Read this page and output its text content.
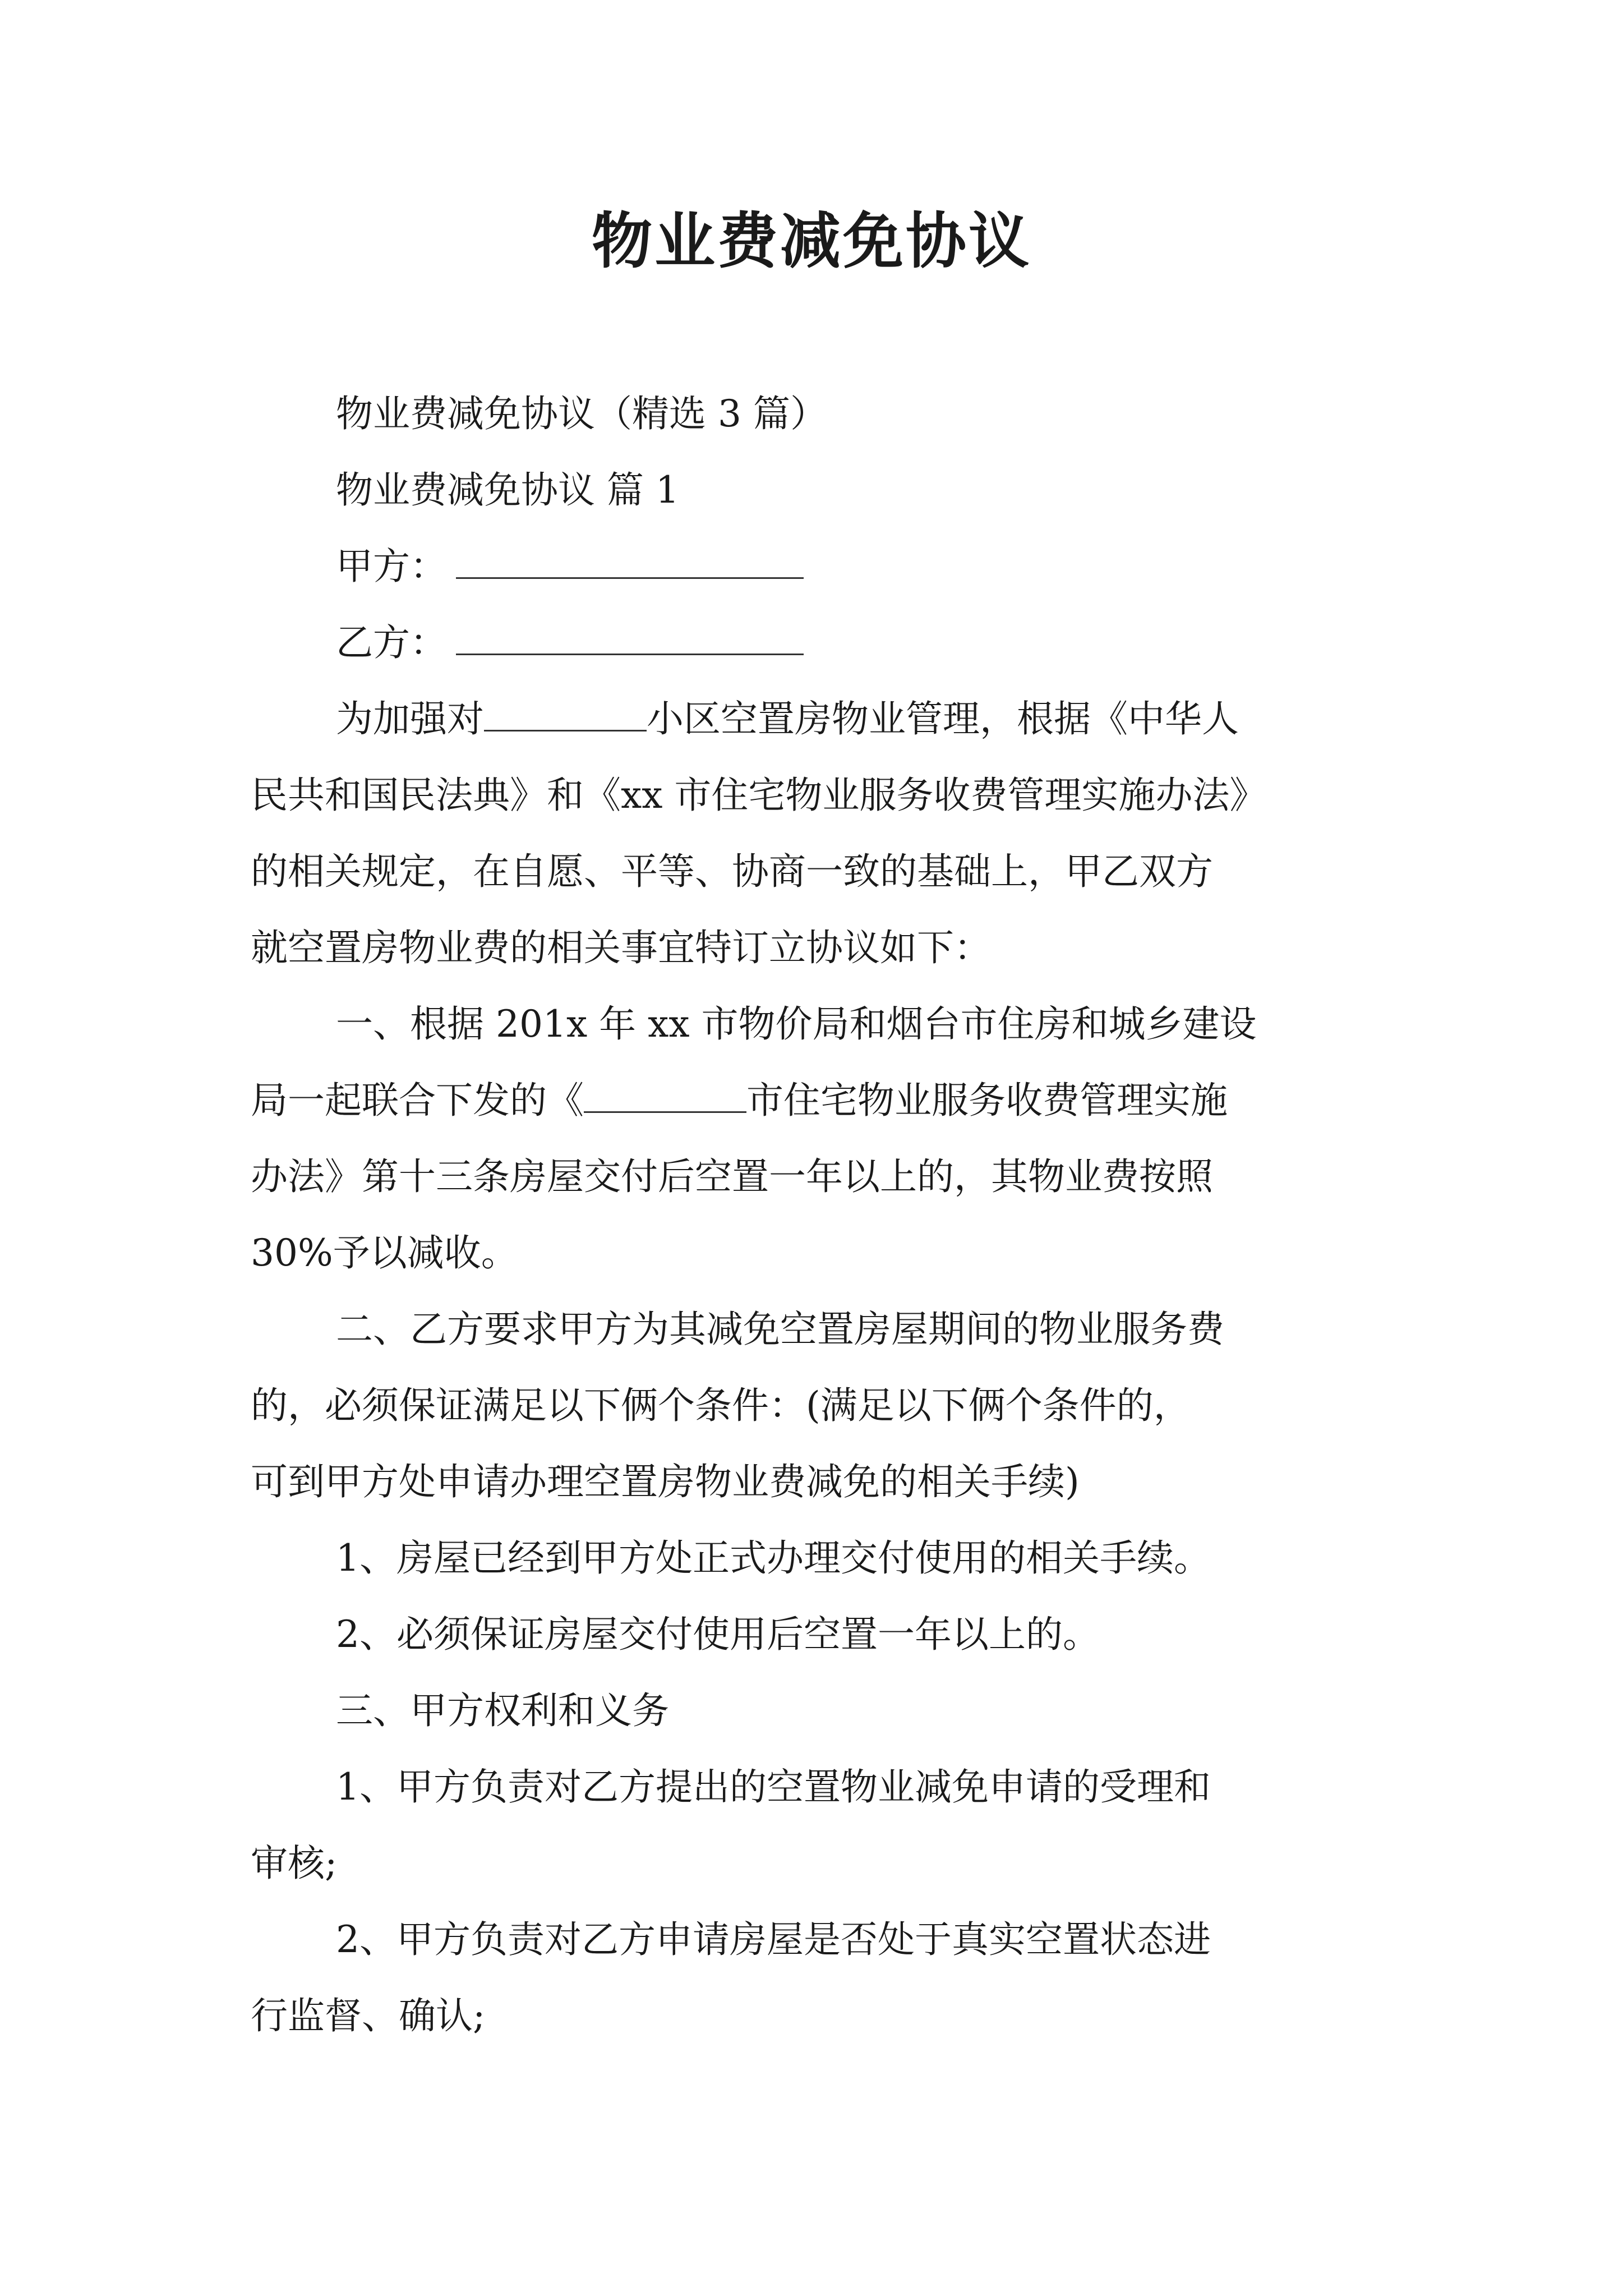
物业费减免协议
物业费减免协议（精选 3 篇）
物业费减免协议 篇 1
甲方：
乙方：
为加强对	小区空置房物业管理，根据《中华人
民共和国民法典》和《xx 市住宅物业服务收费管理实施办法》
的相关规定，在自愿、平等、协商一致的基础上，甲乙双方
就空置房物业费的相关事宜特订立协议如下：
一、根据 201x 年 xx 市物价局和烟台市住房和城乡建设
局一起联合下发的《	市住宅物业服务收费管理实施
办法》第十三条房屋交付后空置一年以上的，其物业费按照
30%予以减收。
二、乙方要求甲方为其减免空置房屋期间的物业服务费
的，必须保证满足以下俩个条件：(满足以下俩个条件的，
可到甲方处申请办理空置房物业费减免的相关手续)
1、房屋已经到甲方处正式办理交付使用的相关手续。
2、必须保证房屋交付使用后空置一年以上的。
三、甲方权利和义务
1、甲方负责对乙方提出的空置物业减免申请的受理和
审核;
2、甲方负责对乙方申请房屋是否处于真实空置状态进
行监督、确认;
